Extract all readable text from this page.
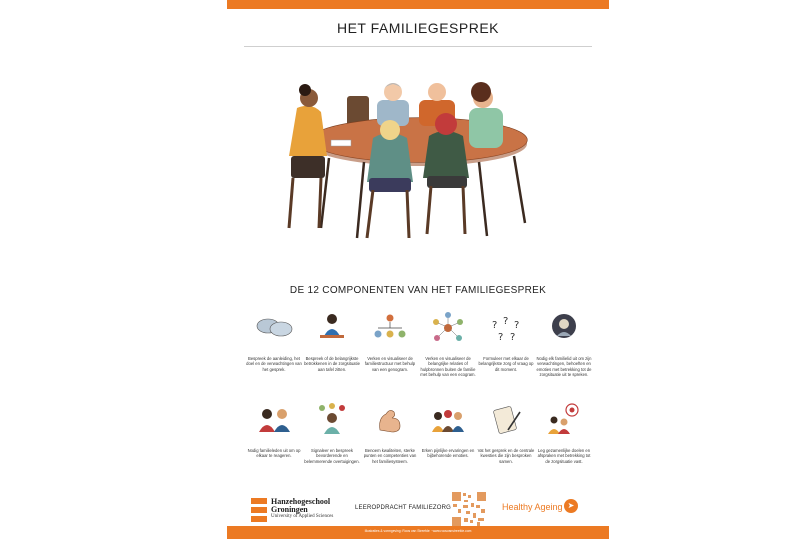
HET FAMILIEGESPREK
DE 12 COMPONENTEN VAN HET FAMILIEGESPREK
Bespreek de aanleiding, het doel en de verwachtingen van het gesprek.
Bespreek of de belangrijkste betrokkenen in de zorgsituatie aan tafel zitten.
Verken en visualiseer de familiestructuur met behulp van een genogram.
Verken en visualiseer de belangrijke relaties of hulpbronnen buiten de familie met behulp van een ecogram.
? ? ?
? ?
Formuleer met elkaar de belangrijkste zorg of vraag op dit moment.
Nodig elk familielid uit om zijn verwachtingen, behoeften en emoties met betrekking tot de zorgsituatie uit te spreken.
Nodig familieleden uit om op elkaar te reageren.
Signaleer en bespreek bevorderende en belemmerende overtuigingen.
Benoem kwaliteiten, sterke punten en competenties van het familiesysteem.
Erken pijnlijke ervaringen en bijbehorende emoties.
Vat het gesprek en de centrale kwesties die zijn besproken samen.
Leg gezamenlijke doelen en afspraken met betrekking tot de zorgsituatie vast.
Hanzehogeschool
Groningen
University of Applied Sciences
LEEROPDRACHT FAMILIEZORG	Healthy Ageing ➤
Illustraties & vormgeving: Roos van Streefde · www.roosvanstreefde.com
